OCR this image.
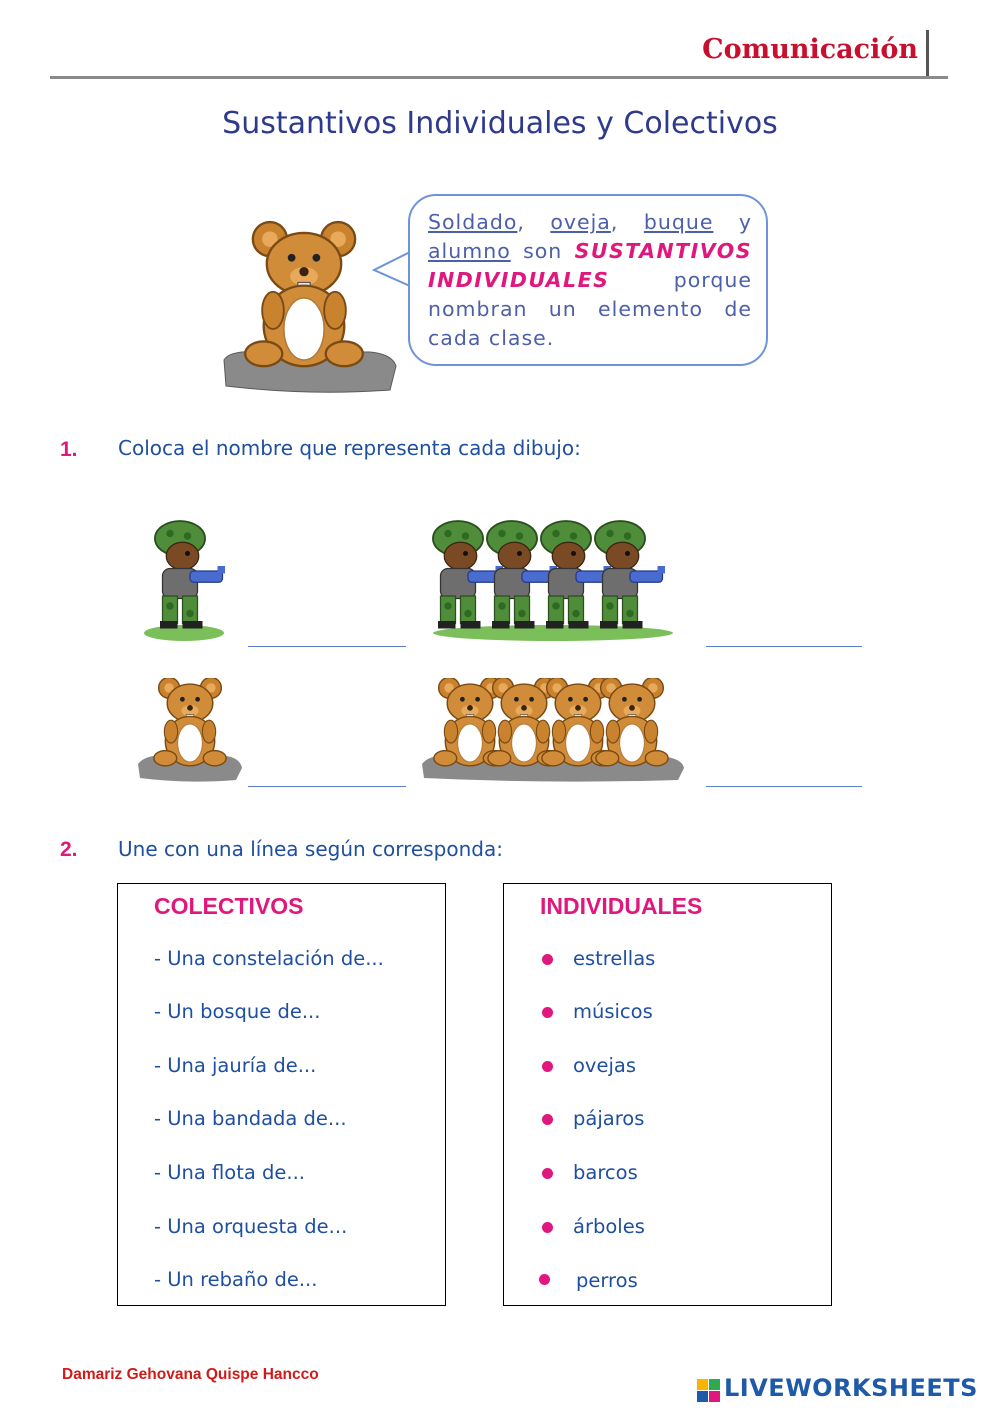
Comunicación
Sustantivos Individuales y Colectivos
Soldado, oveja, buque y alumno son SUSTANTIVOS INDIVIDUALES	porque nombran un elemento de cada clase.
1. Coloca el nombre que representa cada dibujo:
2. Une con una línea según corresponda:
COLECTIVOS
- Una constelación de...
- Un bosque de...
- Una jauría de...
- Una bandada de...
- Una flota de...
- Una orquesta de...
- Un rebaño de...
INDIVIDUALES
estrellas
músicos
ovejas
pájaros
barcos
árboles
perros
Damariz Gehovana Quispe Hancco	LIVEWORKSHEETS
